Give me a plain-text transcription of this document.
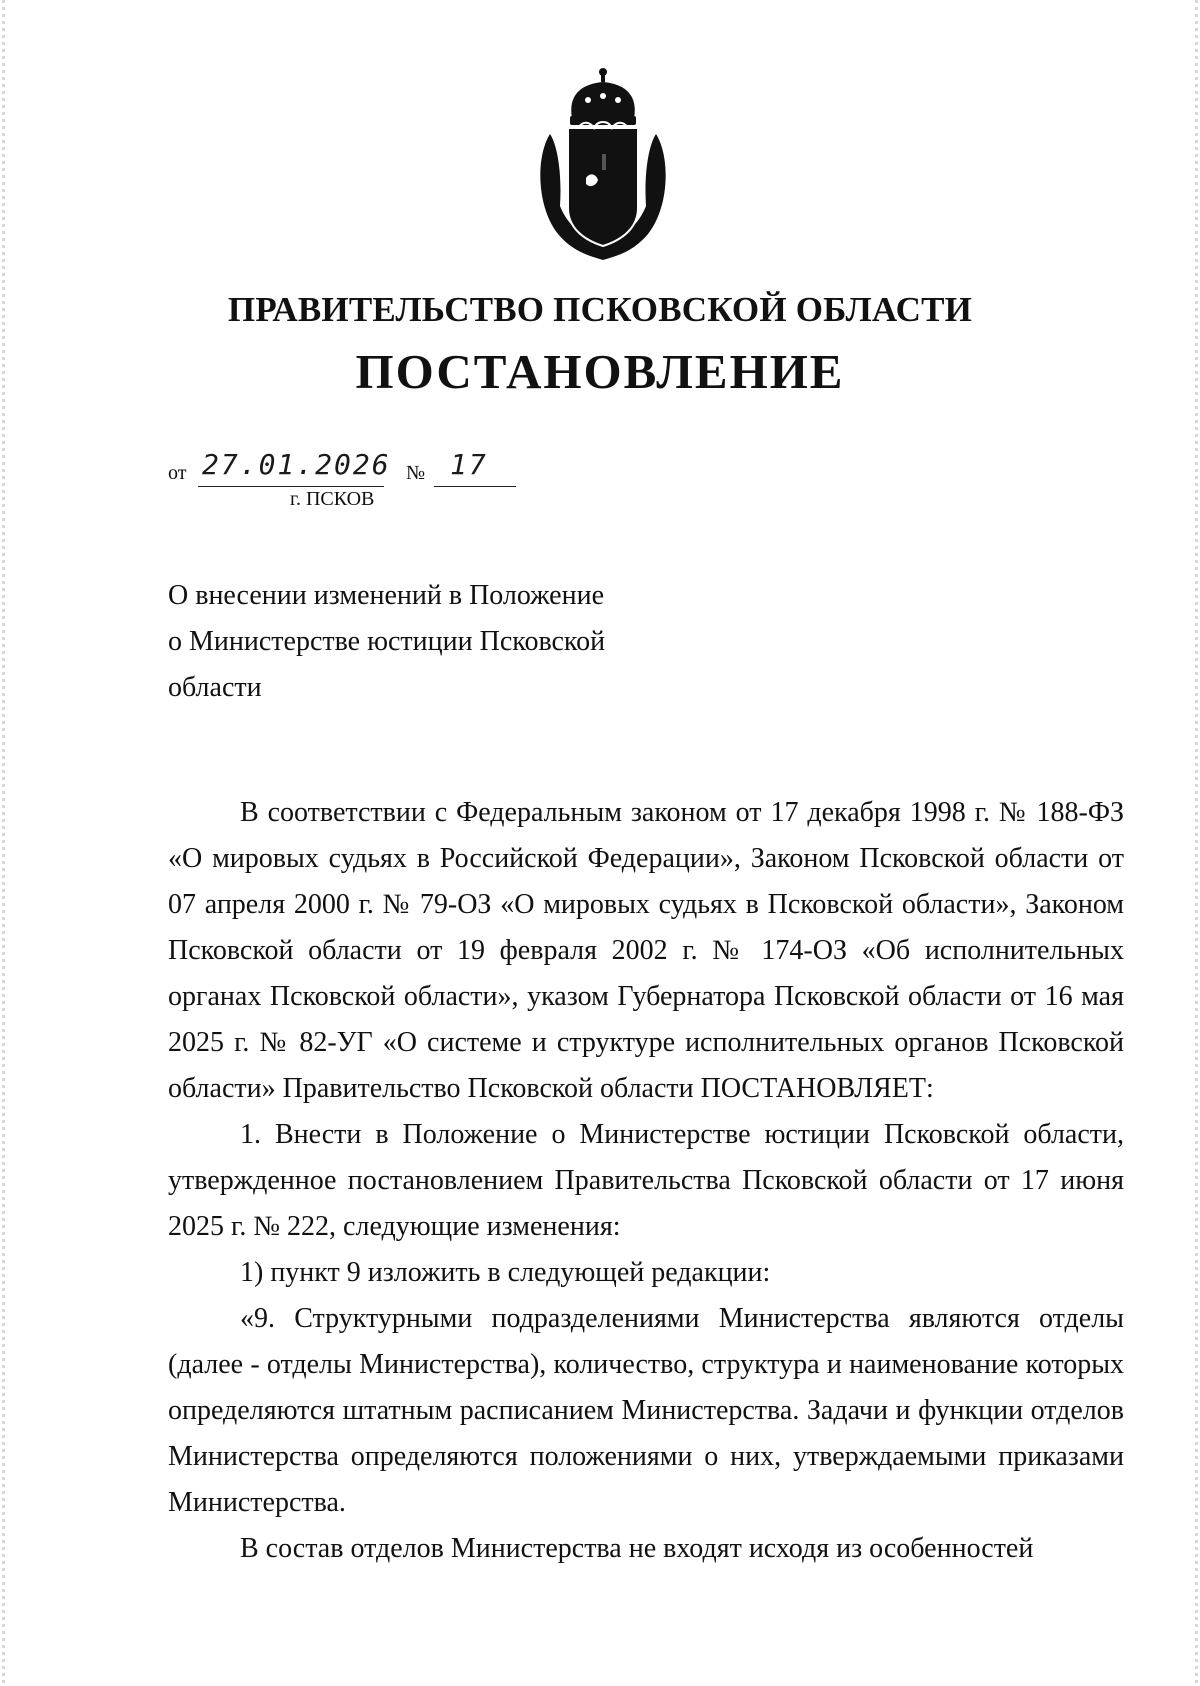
ПРАВИТЕЛЬСТВО ПСКОВСКОЙ ОБЛАСТИ
ПОСТАНОВЛЕНИЕ
от 27.01.2026 № 17
г. ПСКОВ
О внесении изменений в Положение
о Министерстве юстиции Псковской
области

В соответствии с Федеральным законом от 17 декабря 1998 г. № 188-ФЗ «О мировых судьях в Российской Федерации», Законом Псковской области от 07 апреля 2000 г. № 79-ОЗ «О мировых судьях в Псковской области», Законом Псковской области от 19 февраля 2002 г. № 174-ОЗ «Об исполнительных органах Псковской области», указом Губернатора Псковской области от 16 мая 2025 г. № 82-УГ «О системе и структуре исполнительных органов Псковской области» Правительство Псковской области ПОСТАНОВЛЯЕТ:

1. Внести в Положение о Министерстве юстиции Псковской области, утвержденное постановлением Правительства Псковской области от 17 июня 2025 г. № 222, следующие изменения:

1) пункт 9 изложить в следующей редакции:

«9. Структурными подразделениями Министерства являются отделы (далее - отделы Министерства), количество, структура и наименование которых определяются штатным расписанием Министерства. Задачи и функции отделов Министерства определяются положениями о них, утверждаемыми приказами Министерства.

В состав отделов Министерства не входят исходя из особенностей
